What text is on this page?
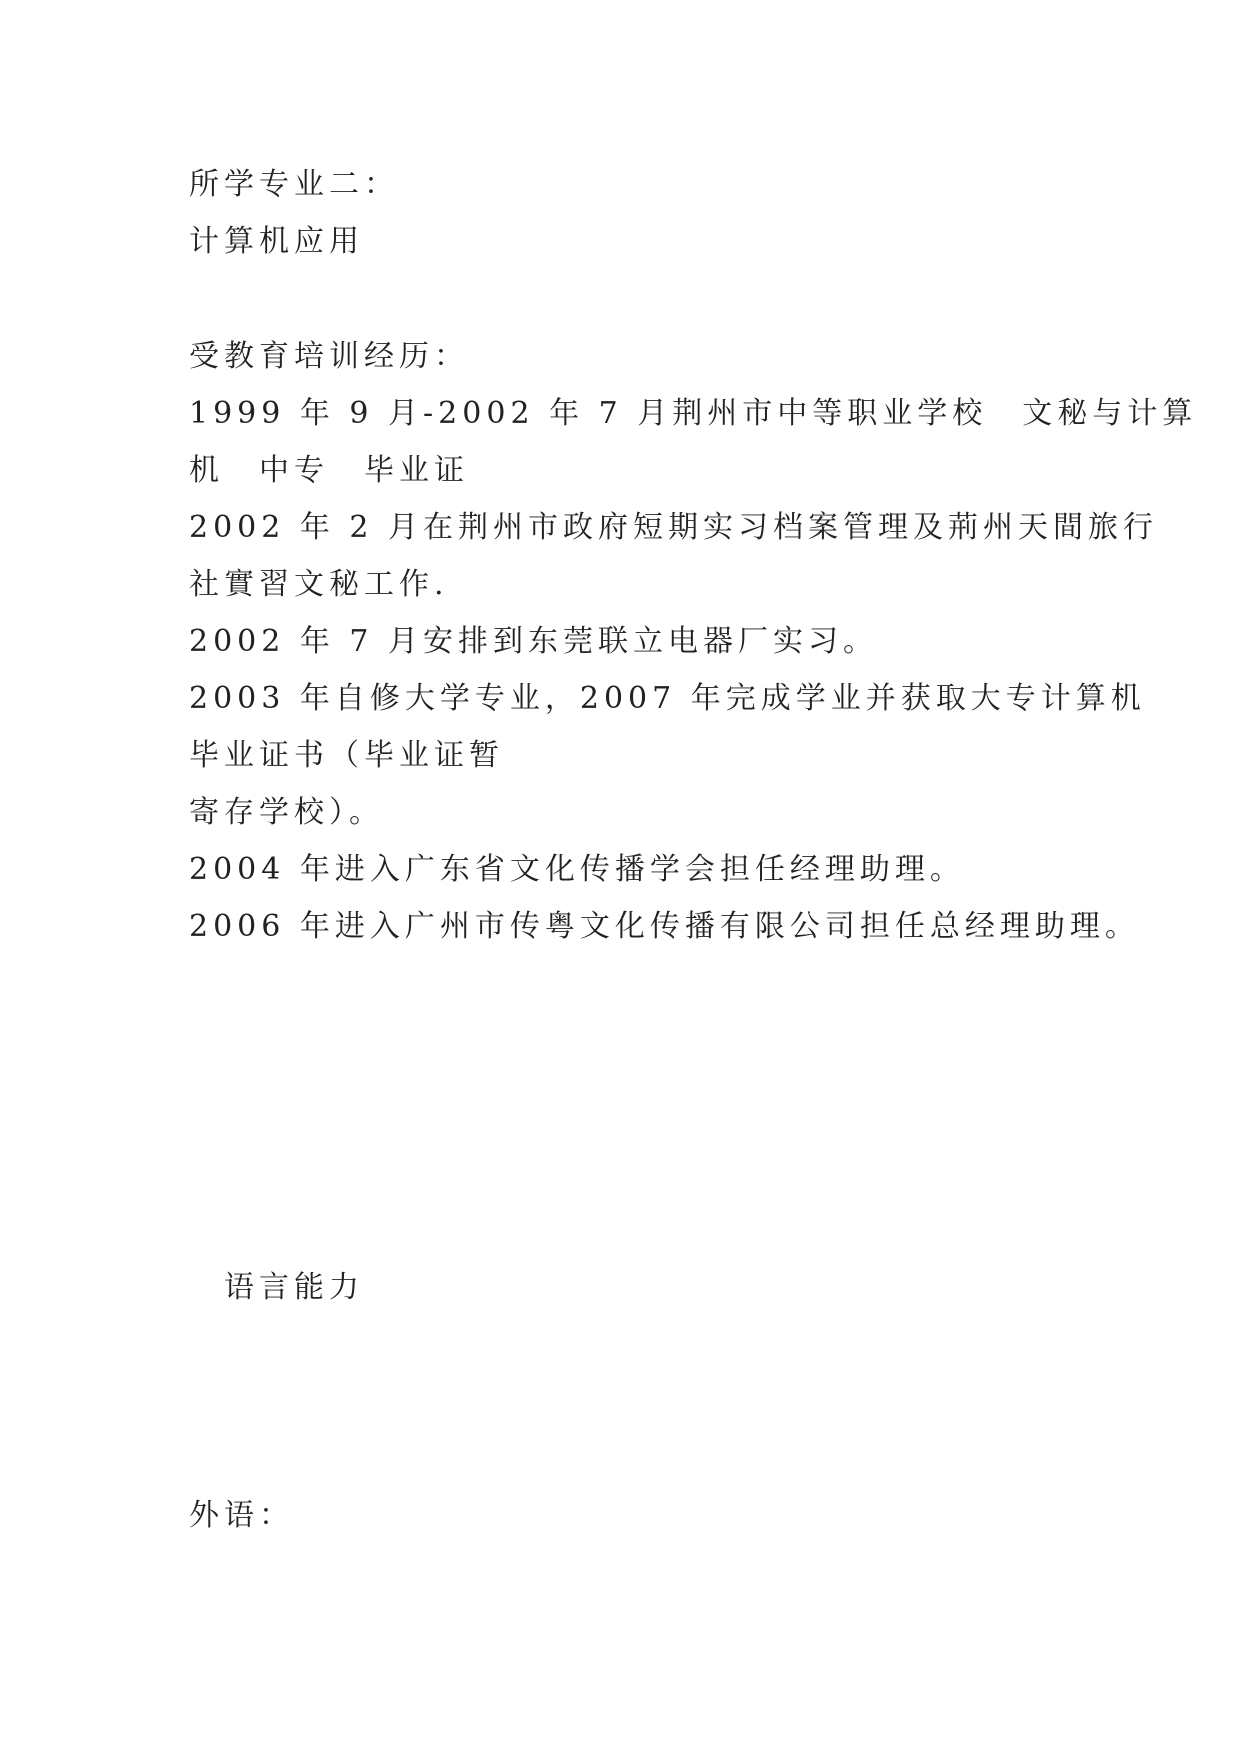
所学专业二：

计算机应用

受教育培训经历：

1999 年 9 月-2002 年 7 月荆州市中等职业学校　文秘与计算

机　中专　毕业证

2002 年 2 月在荆州市政府短期实习档案管理及荊州天間旅行

社實習文秘工作.

2002 年 7 月安排到东莞联立电器厂实习。

2003 年自修大学专业，2007 年完成学业并获取大专计算机

毕业证书（毕业证暂

寄存学校）。

2004 年进入广东省文化传播学会担任经理助理。

2006 年进入广州市传粤文化传播有限公司担任总经理助理。

　语言能力

外语：
